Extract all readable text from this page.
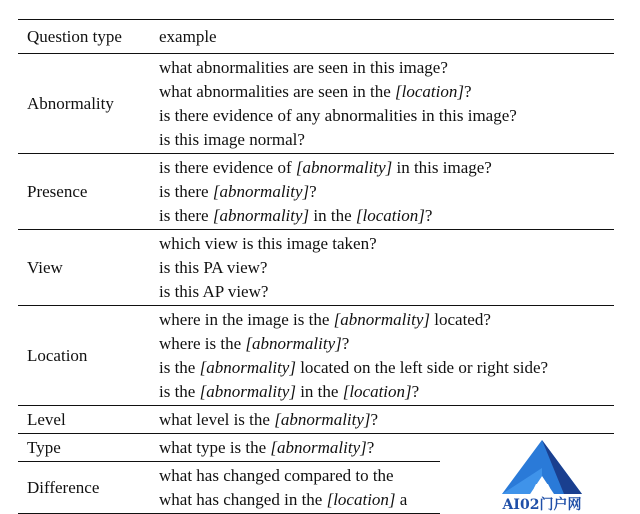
Question type	example
Abnormality	what abnormalities are seen in this image?
what abnormalities are seen in the [location]?
is there evidence of any abnormalities in this image?
is this image normal?

Presence	is there evidence of [abnormality] in this image?
is there [abnormality]?
is there [abnormality] in the [location]?

View	which view is this image taken?
is this PA view?
is this AP view?

Location	where in the image is the [abnormality] located?
where is the [abnormality]?
is the [abnormality] located on the left side or right side?
is the [abnormality] in the [location]?

Level	what level is the [abnormality]?

Type	what type is the [abnormality]?

Difference	what has changed compared to the
what has changed in the [location] a	AI02门户网
